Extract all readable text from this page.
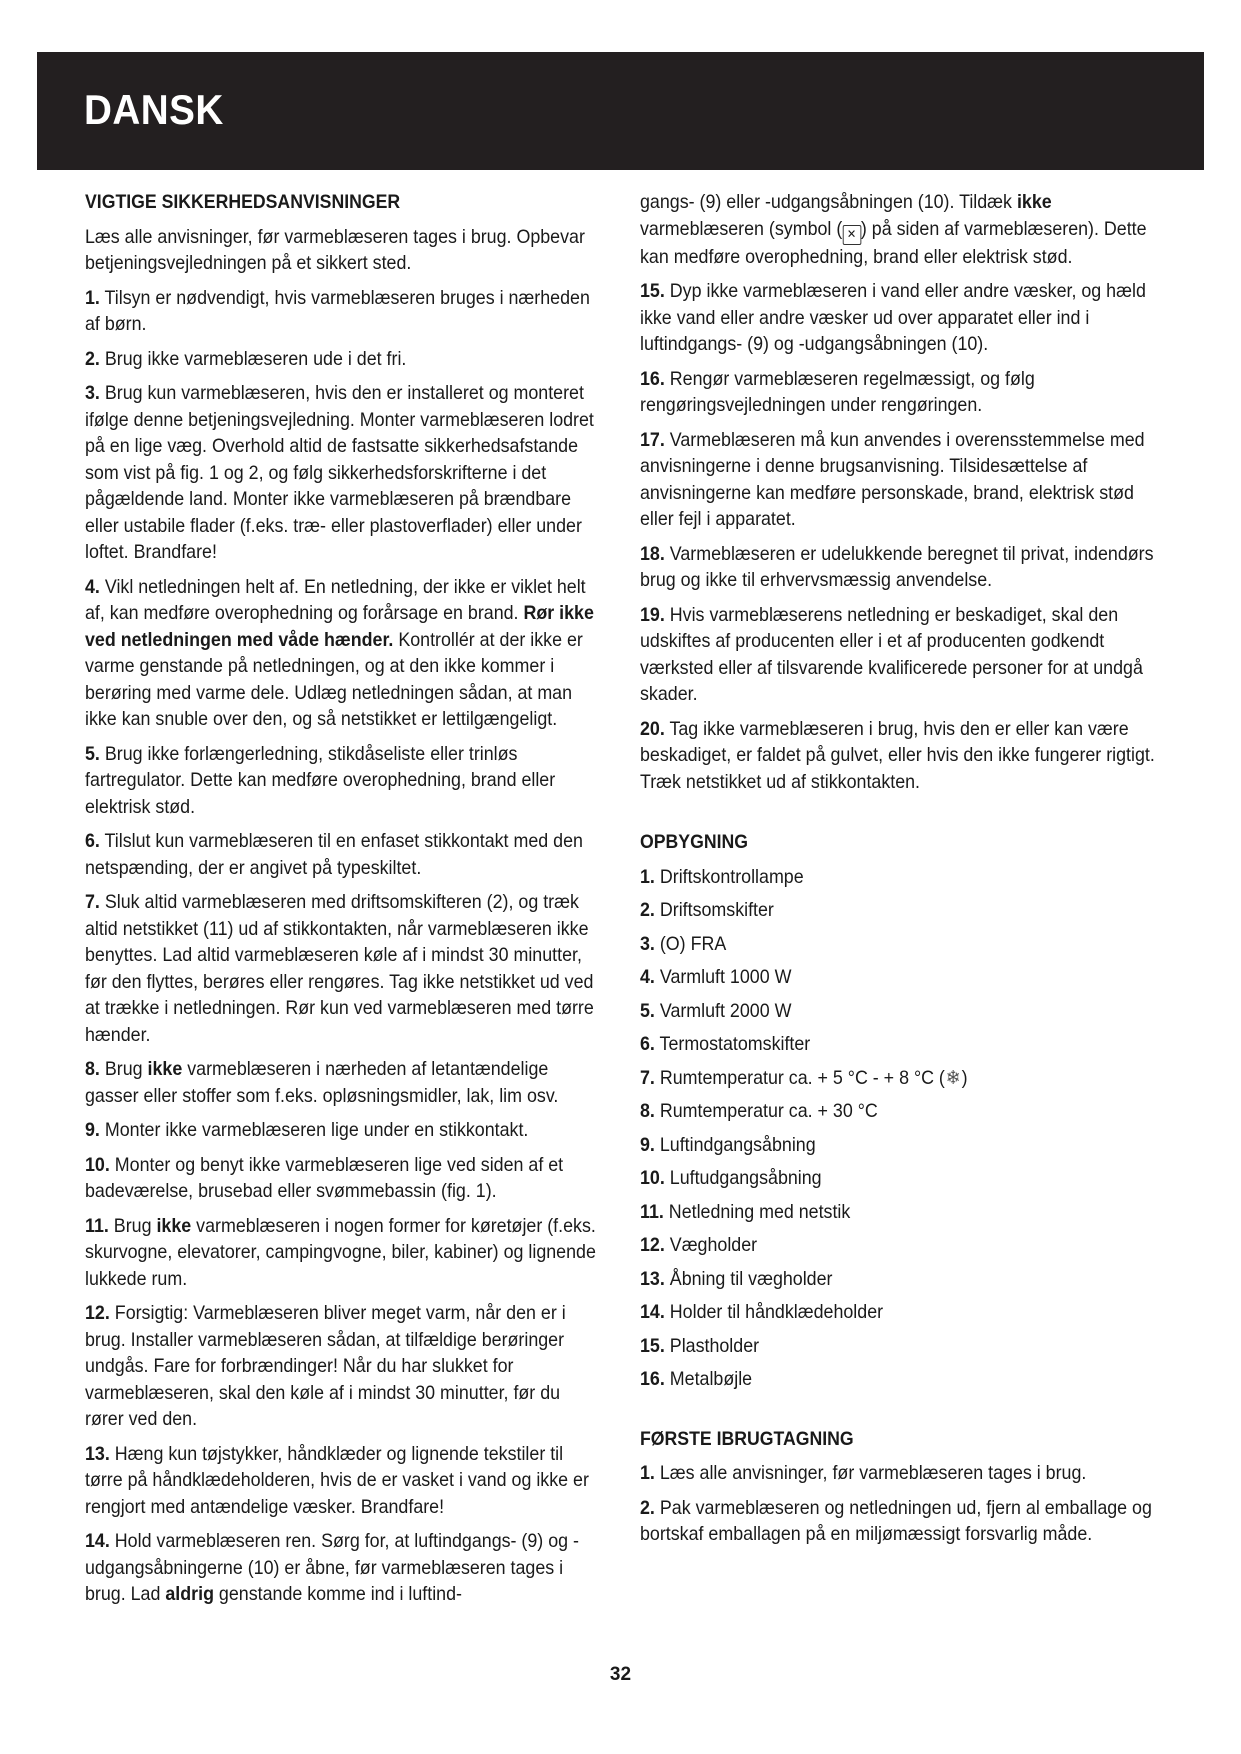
DANSK
VIGTIGE SIKKERHEDSANVISNINGER

Læs alle anvisninger, før varmeblæseren tages i brug. Opbevar betjeningsvejledningen på et sikkert sted.

1. Tilsyn er nødvendigt, hvis varmeblæseren bruges i nærheden af børn.

2. Brug ikke varmeblæseren ude i det fri.

3. Brug kun varmeblæseren, hvis den er installeret og monteret ifølge denne betjeningsvejledning. Monter varmeblæseren lodret på en lige væg. Overhold altid de fastsatte sikkerhedsafstande som vist på fig. 1 og 2, og følg sikkerhedsforskrifterne i det pågældende land. Monter ikke varmeblæseren på brændbare eller ustabile flader (f.eks. træ- eller plastoverflader) eller under loftet. Brandfare!

4. Vikl netledningen helt af. En netledning, der ikke er viklet helt af, kan medføre overophedning og forårsage en brand. Rør ikke ved netledningen med våde hænder. Kontrollér at der ikke er varme genstande på netledningen, og at den ikke kommer i berøring med varme dele. Udlæg netledningen sådan, at man ikke kan snuble over den, og så netstikket er lettilgængeligt.

5. Brug ikke forlængerledning, stikdåseliste eller trinløs fartregulator. Dette kan medføre overophedning, brand eller elektrisk stød.

6. Tilslut kun varmeblæseren til en enfaset stikkontakt med den netspænding, der er angivet på typeskiltet.

7. Sluk altid varmeblæseren med driftsomskifteren (2), og træk altid netstikket (11) ud af stikkontakten, når varmeblæseren ikke benyttes. Lad altid varmeblæseren køle af i mindst 30 minutter, før den flyttes, berøres eller rengøres. Tag ikke netstikket ud ved at trække i netledningen. Rør kun ved varmeblæseren med tørre hænder.

8. Brug ikke varmeblæseren i nærheden af letantændelige gasser eller stoffer som f.eks. opløsningsmidler, lak, lim osv.

9. Monter ikke varmeblæseren lige under en stikkontakt.

10. Monter og benyt ikke varmeblæseren lige ved siden af et badeværelse, brusebad eller svømmebassin (fig. 1).

11. Brug ikke varmeblæseren i nogen former for køretøjer (f.eks. skurvogne, elevatorer, campingvogne, biler, kabiner) og lignende lukkede rum.

12. Forsigtig: Varmeblæseren bliver meget varm, når den er i brug. Installer varmeblæseren sådan, at tilfældige berøringer undgås. Fare for forbrændinger! Når du har slukket for varmeblæseren, skal den køle af i mindst 30 minutter, før du rører ved den.

13. Hæng kun tøjstykker, håndklæder og lignende tekstiler til tørre på håndklædeholderen, hvis de er vasket i vand og ikke er rengjort med antændelige væsker. Brandfare!

14. Hold varmeblæseren ren. Sørg for, at luftindgangs- (9) og -udgangsåbningerne (10) er åbne, før varmeblæseren tages i brug. Lad aldrig genstande komme ind i luftind-

gangs- (9) eller -udgangsåbningen (10). Tildæk ikke varmeblæseren (symbol ( ✕ ) på siden af varmeblæseren). Dette kan medføre overophedning, brand eller elektrisk stød.

15. Dyp ikke varmeblæseren i vand eller andre væsker, og hæld ikke vand eller andre væsker ud over apparatet eller ind i luftindgangs- (9) og -udgangsåbningen (10).

16. Rengør varmeblæseren regelmæssigt, og følg rengøringsvejledningen under rengøringen.

17. Varmeblæseren må kun anvendes i overensstemmelse med anvisningerne i denne brugsanvisning. Tilsidesættelse af anvisningerne kan medføre personskade, brand, elektrisk stød eller fejl i apparatet.

18. Varmeblæseren er udelukkende beregnet til privat, indendørs brug og ikke til erhvervsmæssig anvendelse.

19. Hvis varmeblæserens netledning er beskadiget, skal den udskiftes af producenten eller i et af producenten godkendt værksted eller af tilsvarende kvalificerede personer for at undgå skader.

20. Tag ikke varmeblæseren i brug, hvis den er eller kan være beskadiget, er faldet på gulvet, eller hvis den ikke fungerer rigtigt. Træk netstikket ud af stikkontakten.

OPBYGNING
1. Driftskontrollampe
2. Driftsomskifter
3. (O) FRA
4. Varmluft 1000 W
5. Varmluft 2000 W
6. Termostatomskifter
7. Rumtemperatur ca. + 5 °C - + 8 °C (❄)
8. Rumtemperatur ca. + 30 °C
9. Luftindgangsåbning
10. Luftudgangsåbning
11. Netledning med netstik
12. Vægholder
13. Åbning til vægholder
14. Holder til håndklædeholder
15. Plastholder
16. Metalbøjle
FØRSTE IBRUGTAGNING

1. Læs alle anvisninger, før varmeblæseren tages i brug.

2. Pak varmeblæseren og netledningen ud, fjern al emballage og bortskaf emballagen på en miljømæssigt forsvarlig måde.

32
